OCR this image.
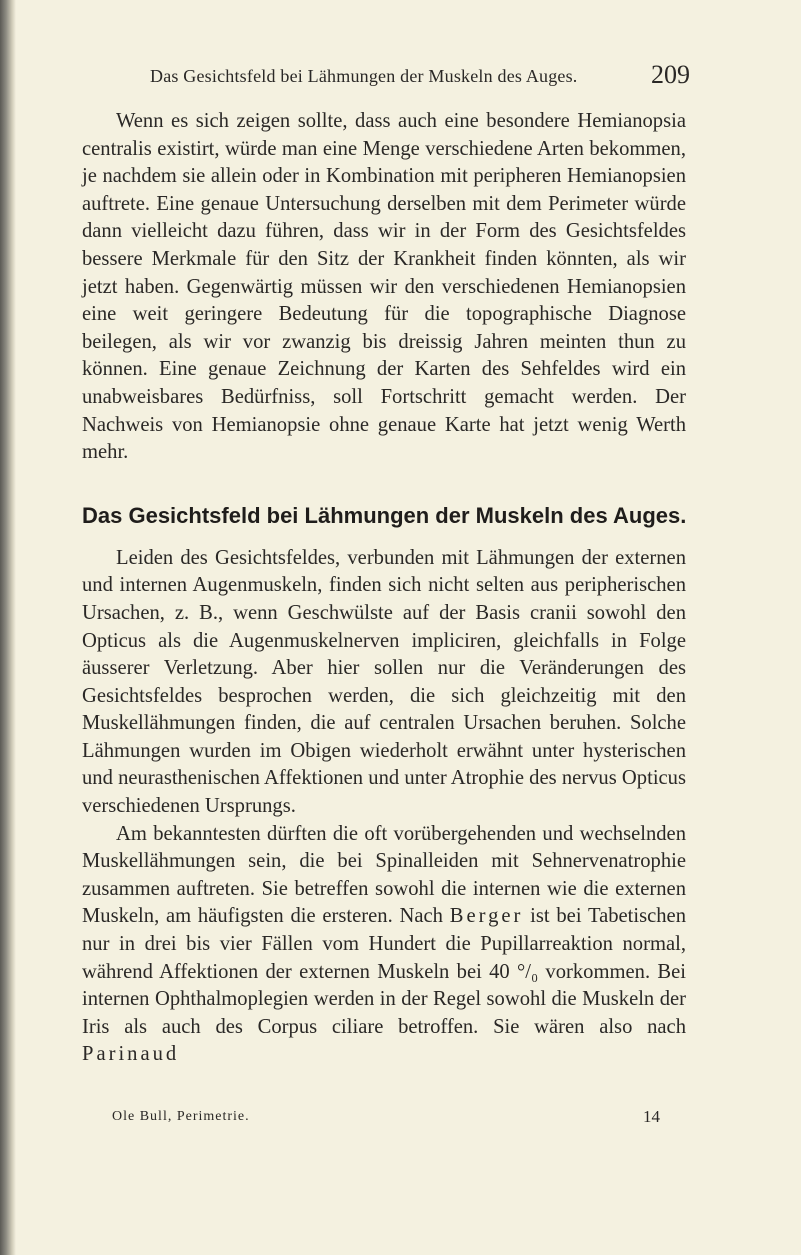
Das Gesichtsfeld bei Lähmungen der Muskeln des Auges.	209

Wenn es sich zeigen sollte, dass auch eine besondere Hemianopsia centralis existirt, würde man eine Menge verschiedene Arten bekommen, je nachdem sie allein oder in Kombination mit peripheren Hemianopsien auftrete. Eine genaue Untersuchung derselben mit dem Perimeter würde dann vielleicht dazu führen, dass wir in der Form des Gesichtsfeldes bessere Merkmale für den Sitz der Krankheit finden könnten, als wir jetzt haben. Gegenwärtig müssen wir den verschiedenen Hemianopsien eine weit geringere Bedeutung für die topographische Diagnose beilegen, als wir vor zwanzig bis dreissig Jahren meinten thun zu können. Eine genaue Zeichnung der Karten des Sehfeldes wird ein unabweisbares Bedürfniss, soll Fortschritt gemacht werden. Der Nachweis von Hemianopsie ohne genaue Karte hat jetzt wenig Werth mehr.

Das Gesichtsfeld bei Lähmungen der Muskeln des Auges.

Leiden des Gesichtsfeldes, verbunden mit Lähmungen der externen und internen Augenmuskeln, finden sich nicht selten aus peripherischen Ursachen, z. B., wenn Geschwülste auf der Basis cranii sowohl den Opticus als die Augenmuskelnerven impliciren, gleichfalls in Folge äusserer Verletzung. Aber hier sollen nur die Veränderungen des Gesichtsfeldes besprochen werden, die sich gleichzeitig mit den Muskellähmungen finden, die auf centralen Ursachen beruhen. Solche Lähmungen wurden im Obigen wiederholt erwähnt unter hysterischen und neurasthenischen Affektionen und unter Atrophie des nervus Opticus verschiedenen Ursprungs.

Am bekanntesten dürften die oft vorübergehenden und wechselnden Muskellähmungen sein, die bei Spinalleiden mit Sehnervenatrophie zusammen auftreten. Sie betreffen sowohl die internen wie die externen Muskeln, am häufigsten die ersteren. Nach Berger ist bei Tabetischen nur in drei bis vier Fällen vom Hundert die Pupillarreaktion normal, während Affektionen der externen Muskeln bei 40 °/₀ vorkommen. Bei internen Ophthalmoplegien werden in der Regel sowohl die Muskeln der Iris als auch des Corpus ciliare betroffen. Sie wären also nach Parinaud

Ole Bull, Perimetrie.	14
